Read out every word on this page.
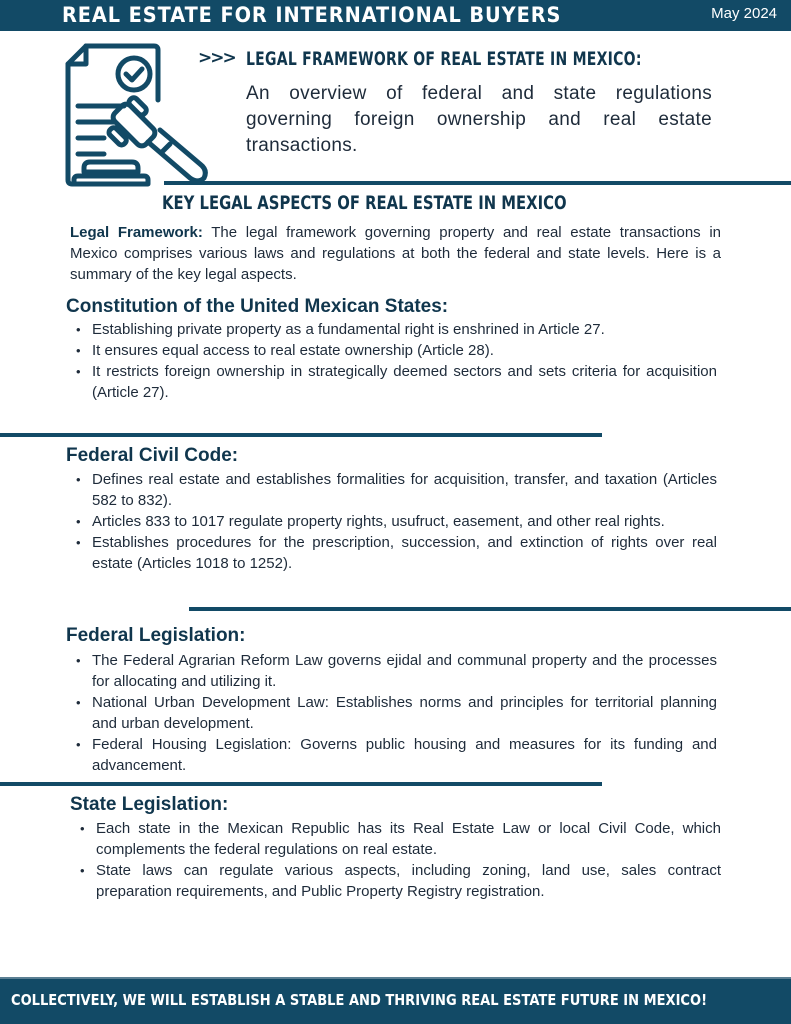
REAL ESTATE FOR INTERNATIONAL BUYERS	May 2024
>>> LEGAL FRAMEWORK OF REAL ESTATE IN MEXICO:
An overview of federal and state regulations governing foreign ownership and real estate transactions.
KEY LEGAL ASPECTS OF REAL ESTATE IN MEXICO

Legal Framework: The legal framework governing property and real estate transactions in Mexico comprises various laws and regulations at both the federal and state levels. Here is a summary of the key legal aspects.

Constitution of the United Mexican States:
• Establishing private property as a fundamental right is enshrined in Article 27.
• It ensures equal access to real estate ownership (Article 28).
• It restricts foreign ownership in strategically deemed sectors and sets criteria for acquisition (Article 27).
Federal Civil Code:
• Defines real estate and establishes formalities for acquisition, transfer, and taxation (Articles 582 to 832).
• Articles 833 to 1017 regulate property rights, usufruct, easement, and other real rights.
• Establishes procedures for the prescription, succession, and extinction of rights over real estate (Articles 1018 to 1252).
Federal Legislation:
• The Federal Agrarian Reform Law governs ejidal and communal property and the processes for allocating and utilizing it.
• National Urban Development Law: Establishes norms and principles for territorial planning and urban development.
• Federal Housing Legislation: Governs public housing and measures for its funding and advancement.
State Legislation:
• Each state in the Mexican Republic has its Real Estate Law or local Civil Code, which complements the federal regulations on real estate.
• State laws can regulate various aspects, including zoning, land use, sales contract preparation requirements, and Public Property Registry registration.
COLLECTIVELY, WE WILL ESTABLISH A STABLE AND THRIVING REAL ESTATE FUTURE IN MEXICO!
